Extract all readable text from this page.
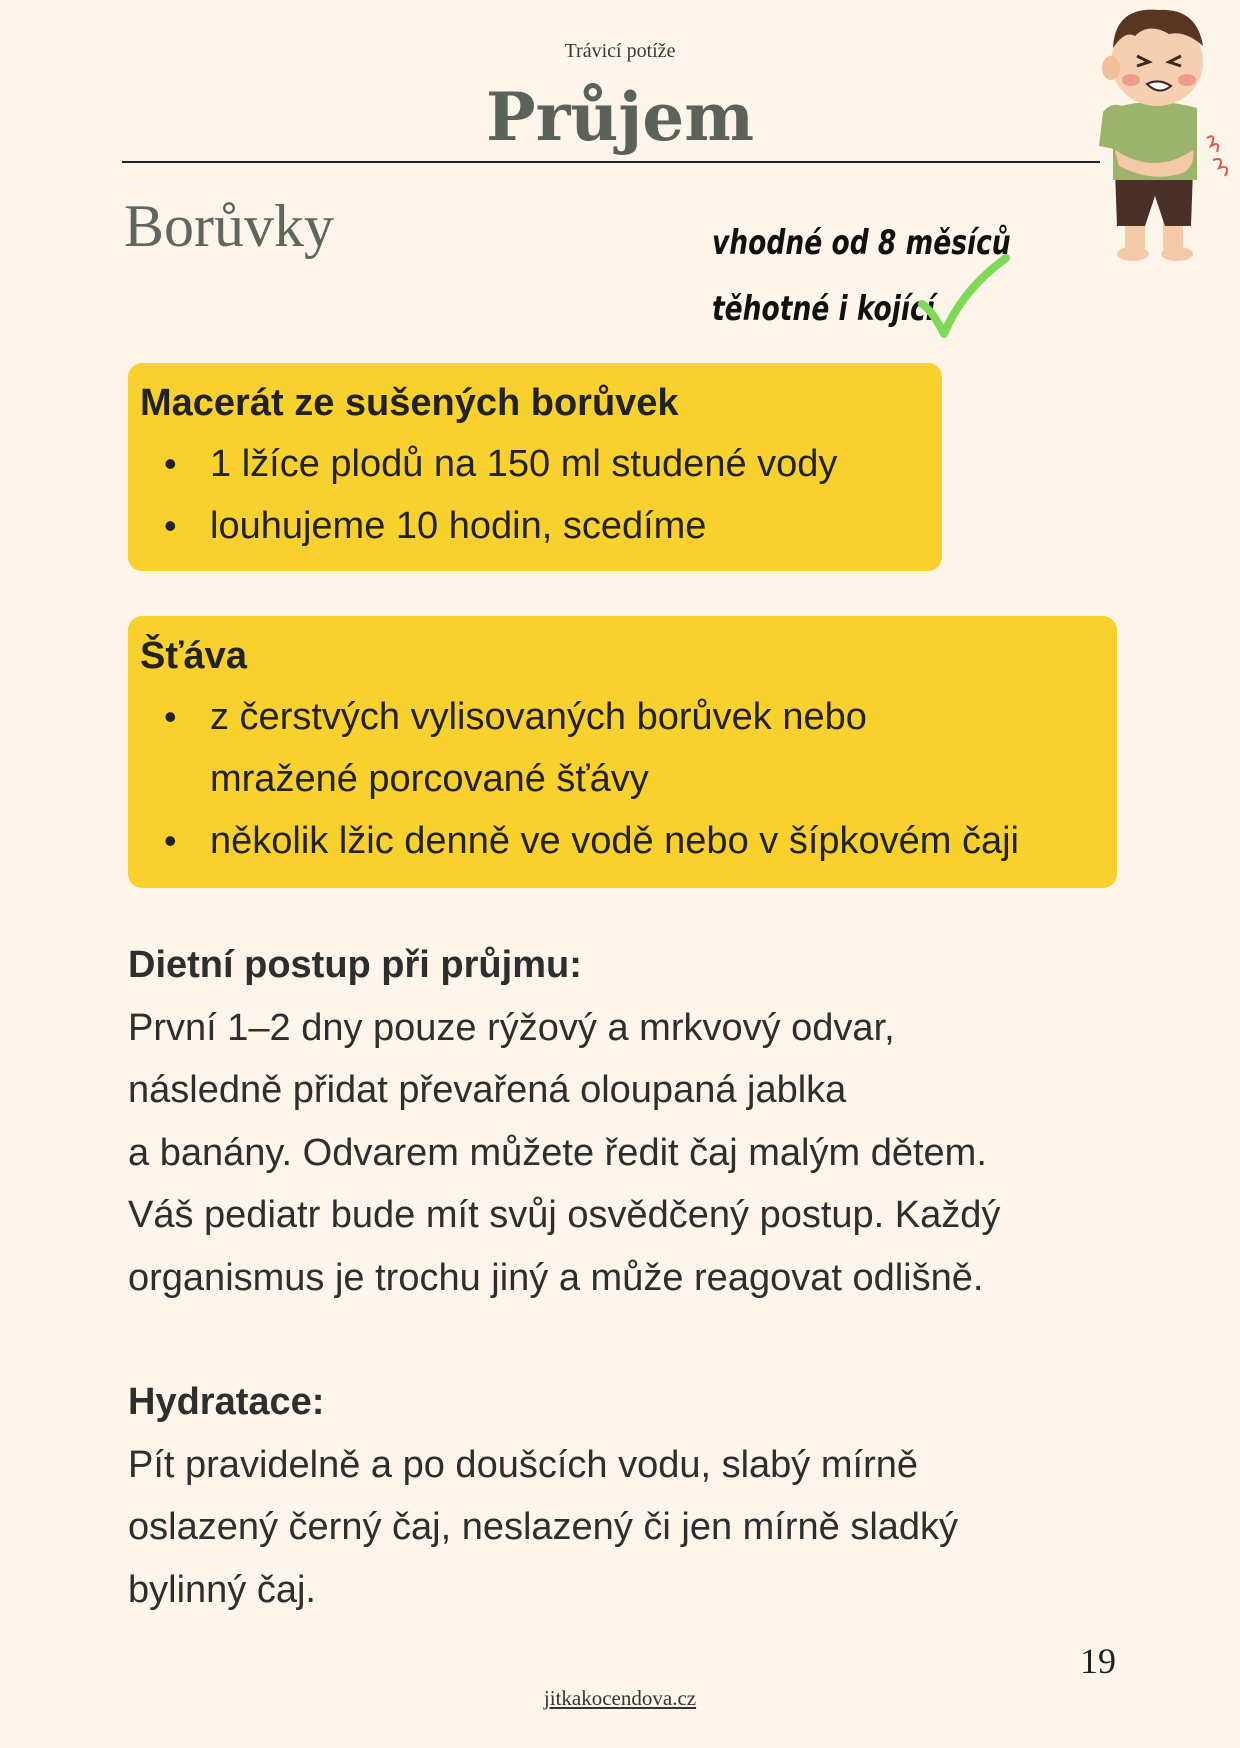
Trávicí potíže
Průjem
Borůvky	vhodné od 8 měsíců
těhotné i kojící
Macerát ze sušených borůvek
• 1 lžíce plodů na 150 ml studené vody
• louhujeme 10 hodin, scedíme
Šťáva
• z čerstvých vylisovaných borůvek nebo mražené porcované šťávy
• několik lžic denně ve vodě nebo v šípkovém čaji
Dietní postup při průjmu:
První 1–2 dny pouze rýžový a mrkvový odvar,
následně přidat převařená oloupaná jablka
a banány. Odvarem můžete ředit čaj malým dětem.
Váš pediatr bude mít svůj osvědčený postup. Každý
organismus je trochu jiný a může reagovat odlišně.
Hydratace:
Pít pravidelně a po doušcích vodu, slabý mírně
oslazený černý čaj, neslazený či jen mírně sladký
bylinný čaj.
19
jitkakocendova.cz
